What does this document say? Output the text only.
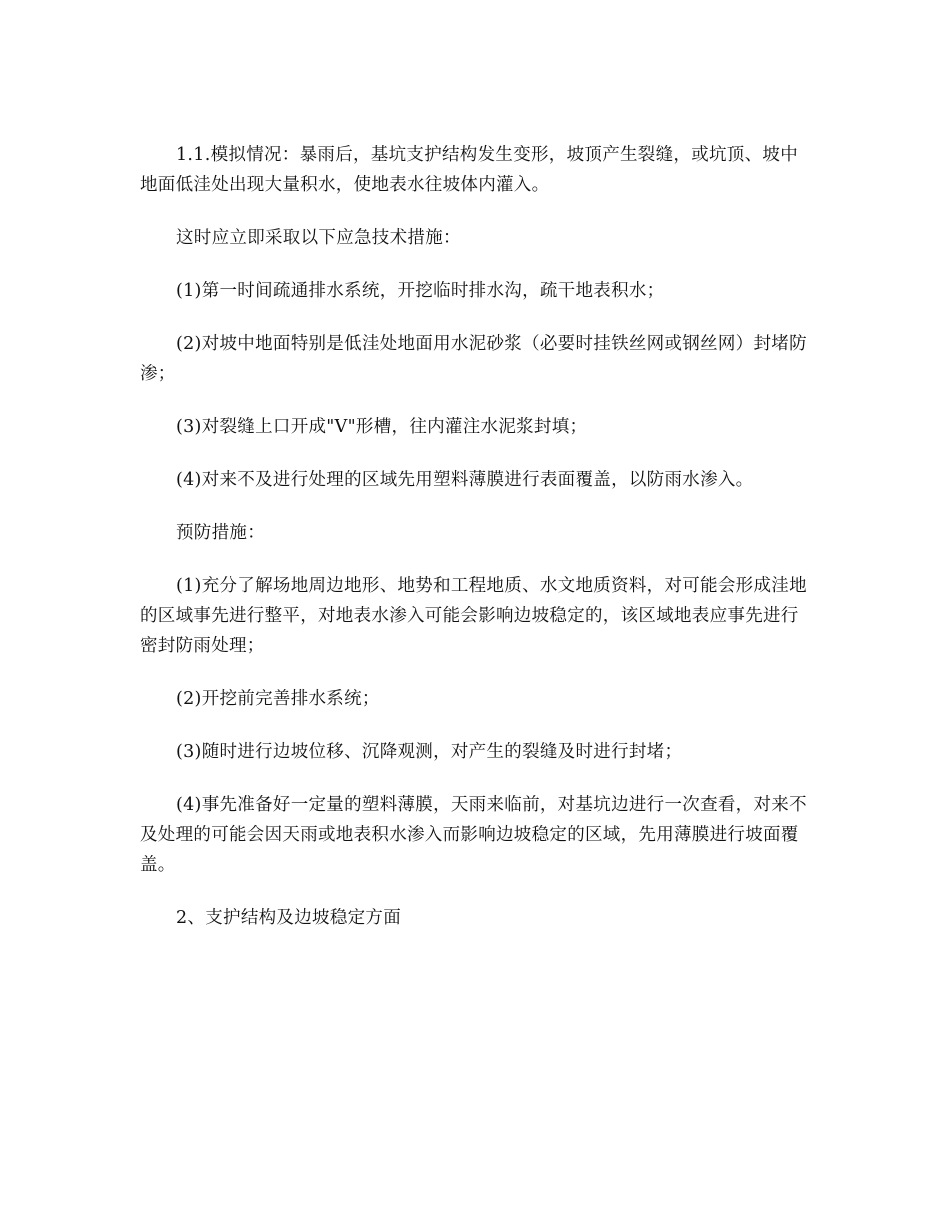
1.1.模拟情况：暴雨后，基坑支护结构发生变形，坡顶产生裂缝，或坑顶、坡中地面低洼处出现大量积水，使地表水往坡体内灌入。

这时应立即采取以下应急技术措施：

(1)第一时间疏通排水系统，开挖临时排水沟，疏干地表积水；

(2)对坡中地面特别是低洼处地面用水泥砂浆（必要时挂铁丝网或钢丝网）封堵防渗；

(3)对裂缝上口开成"V"形槽，往内灌注水泥浆封填；

(4)对来不及进行处理的区域先用塑料薄膜进行表面覆盖，以防雨水渗入。

预防措施：

(1)充分了解场地周边地形、地势和工程地质、水文地质资料，对可能会形成洼地的区域事先进行整平，对地表水渗入可能会影响边坡稳定的，该区域地表应事先进行密封防雨处理；

(2)开挖前完善排水系统；

(3)随时进行边坡位移、沉降观测，对产生的裂缝及时进行封堵；

(4)事先准备好一定量的塑料薄膜，天雨来临前，对基坑边进行一次查看，对来不及处理的可能会因天雨或地表积水渗入而影响边坡稳定的区域，先用薄膜进行坡面覆盖。

2、支护结构及边坡稳定方面
